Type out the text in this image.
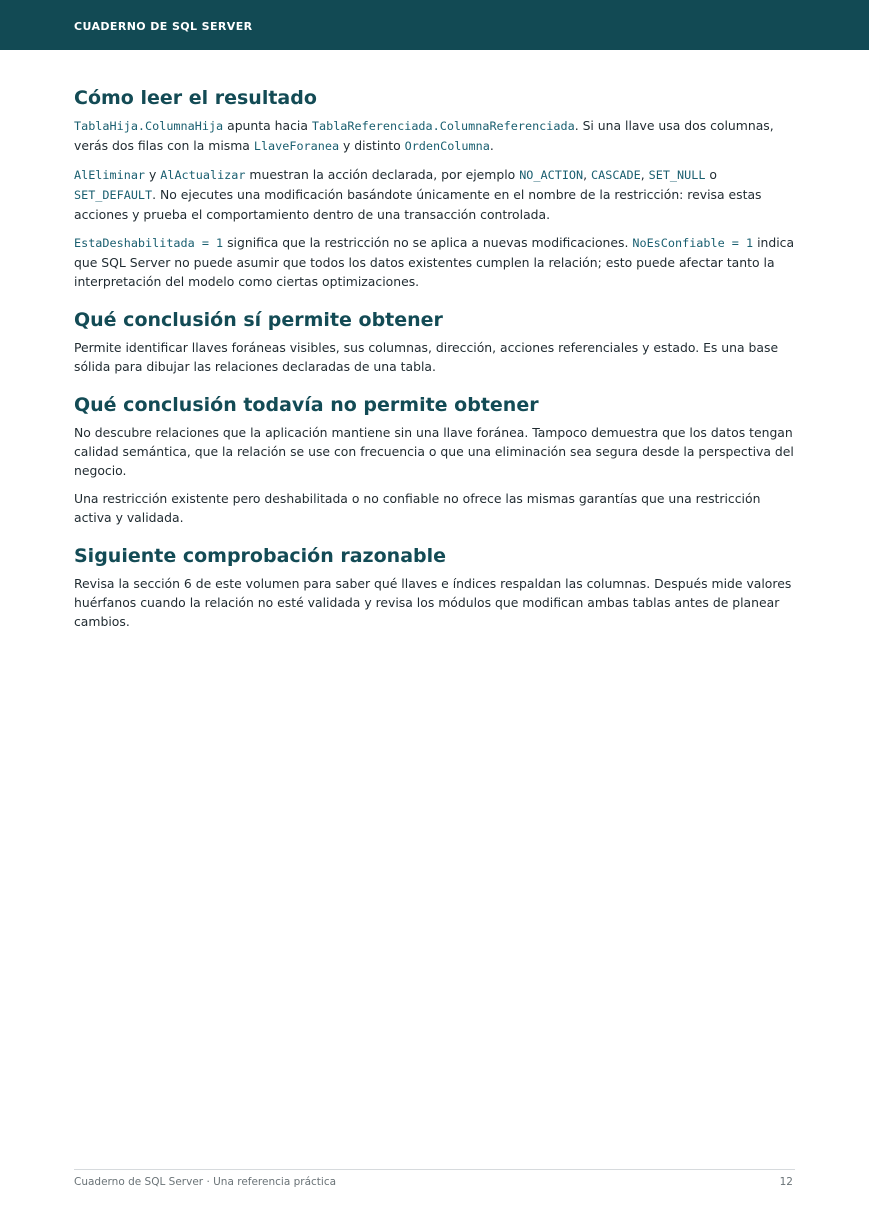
CUADERNO DE SQL SERVER
Cómo leer el resultado

TablaHija.ColumnaHija apunta hacia TablaReferenciada.ColumnaReferenciada. Si una llave usa dos columnas, verás dos filas con la misma LlaveForanea y distinto OrdenColumna.

AlEliminar y AlActualizar muestran la acción declarada, por ejemplo NO_ACTION, CASCADE, SET_NULL o SET_DEFAULT. No ejecutes una modificación basándote únicamente en el nombre de la restricción: revisa estas acciones y prueba el comportamiento dentro de una transacción controlada.

EstaDeshabilitada = 1 significa que la restricción no se aplica a nuevas modificaciones. NoEsConfiable = 1 indica que SQL Server no puede asumir que todos los datos existentes cumplen la relación; esto puede afectar tanto la interpretación del modelo como ciertas optimizaciones.

Qué conclusión sí permite obtener

Permite identificar llaves foráneas visibles, sus columnas, dirección, acciones referenciales y estado. Es una base sólida para dibujar las relaciones declaradas de una tabla.

Qué conclusión todavía no permite obtener

No descubre relaciones que la aplicación mantiene sin una llave foránea. Tampoco demuestra que los datos tengan calidad semántica, que la relación se use con frecuencia o que una eliminación sea segura desde la perspectiva del negocio.

Una restricción existente pero deshabilitada o no confiable no ofrece las mismas garantías que una restricción activa y validada.

Siguiente comprobación razonable

Revisa la sección 6 de este volumen para saber qué llaves e índices respaldan las columnas. Después mide valores huérfanos cuando la relación no esté validada y revisa los módulos que modifican ambas tablas antes de planear cambios.

Cuaderno de SQL Server · Una referencia práctica	12
